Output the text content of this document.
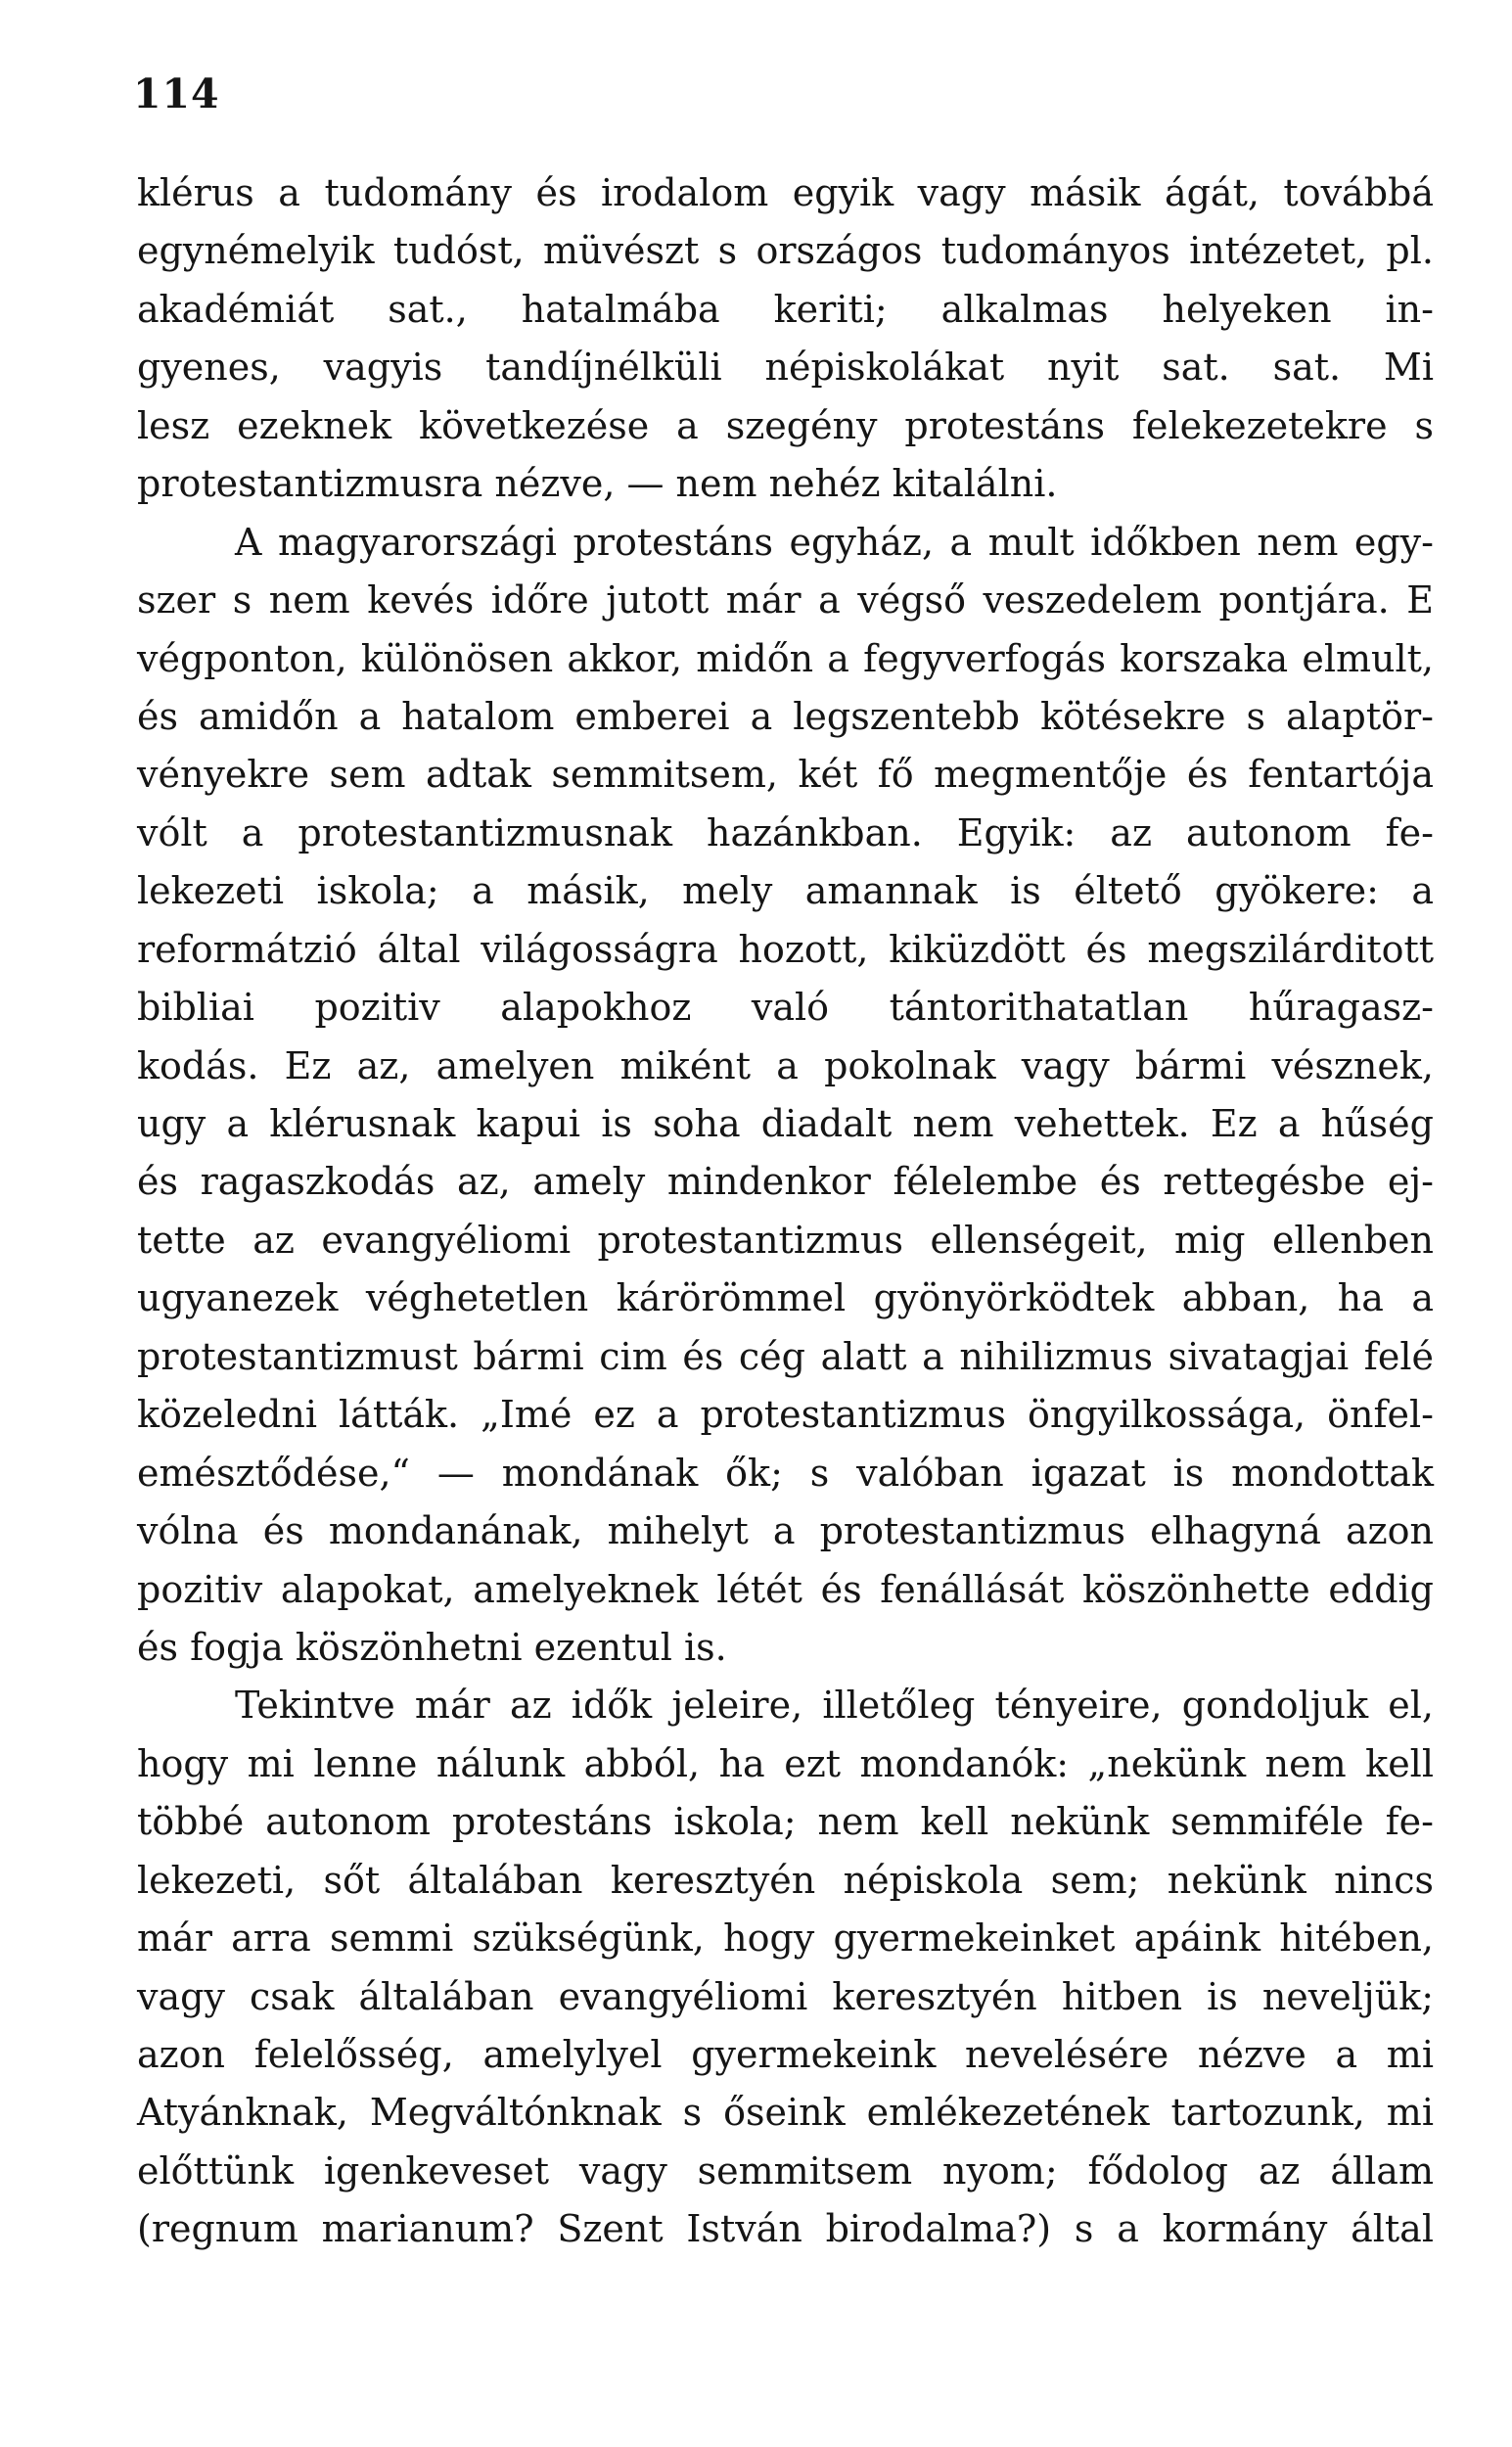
114
klérus a tudomány és irodalom egyik vagy másik ágát, továbbá
egynémelyik tudóst, müvészt s országos tudományos intézetet, pl.
akadémiát sat., hatalmába keriti; alkalmas helyeken in-
gyenes, vagyis tandíjnélküli népiskolákat nyit sat. sat. Mi
lesz ezeknek következése a szegény protestáns felekezetekre s
protestantizmusra nézve, — nem nehéz kitalálni.
A magyarországi protestáns egyház, a mult időkben nem egy-
szer s nem kevés időre jutott már a végső veszedelem pontjára. E
végponton, különösen akkor, midőn a fegyverfogás korszaka elmult,
és amidőn a hatalom emberei a legszentebb kötésekre s alaptör-
vényekre sem adtak semmitsem, két fő megmentője és fentartója
vólt a protestantizmusnak hazánkban. Egyik: az autonom fe-
lekezeti iskola; a másik, mely amannak is éltető gyökere: a
reformátzió által világosságra hozott, kiküzdött és megszilárditott
bibliai pozitiv alapokhoz való tántorithatatlan hűragasz-
kodás. Ez az, amelyen miként a pokolnak vagy bármi vésznek,
ugy a klérusnak kapui is soha diadalt nem vehettek. Ez a hűség
és ragaszkodás az, amely mindenkor félelembe és rettegésbe ej-
tette az evangyéliomi protestantizmus ellenségeit, mig ellenben
ugyanezek véghetetlen kárörömmel gyönyörködtek abban, ha a
protestantizmust bármi cim és cég alatt a nihilizmus sivatagjai felé
közeledni látták. „Imé ez a protestantizmus öngyilkossága, önfel-
emésztődése,“ — mondának ők; s valóban igazat is mondottak
vólna és mondanának, mihelyt a protestantizmus elhagyná azon
pozitiv alapokat, amelyeknek létét és fenállását köszönhette eddig
és fogja köszönhetni ezentul is.
Tekintve már az idők jeleire, illetőleg tényeire, gondoljuk el,
hogy mi lenne nálunk abból, ha ezt mondanók: „nekünk nem kell
többé autonom protestáns iskola; nem kell nekünk semmiféle fe-
lekezeti, sőt általában keresztyén népiskola sem; nekünk nincs
már arra semmi szükségünk, hogy gyermekeinket apáink hitében,
vagy csak általában evangyéliomi keresztyén hitben is neveljük;
azon felelősség, amelylyel gyermekeink nevelésére nézve a mi
Atyánknak, Megváltónknak s őseink emlékezetének tartozunk, mi
előttünk igenkeveset vagy semmitsem nyom; fődolog az állam
(regnum marianum? Szent István birodalma?) s a kormány által
